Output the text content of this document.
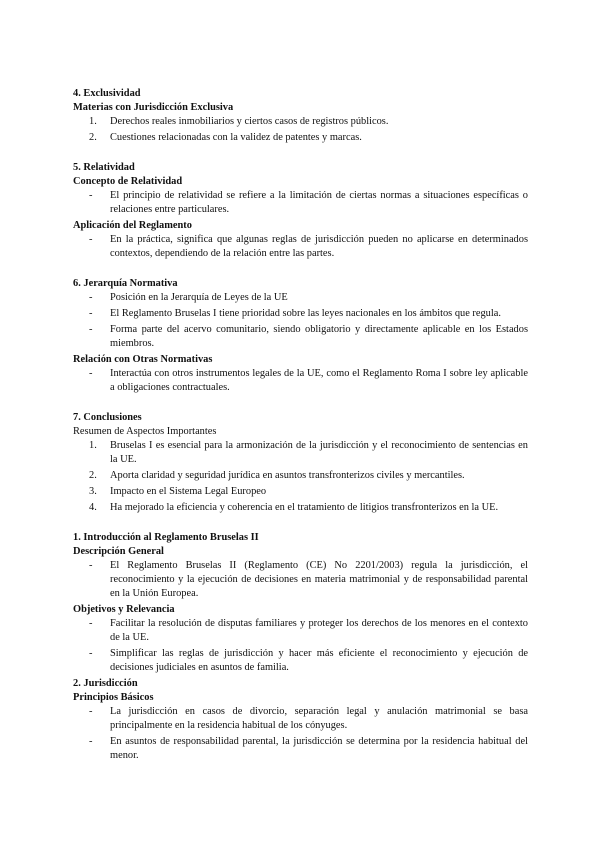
4. Exclusividad
Materias con Jurisdicción Exclusiva
1. Derechos reales inmobiliarios y ciertos casos de registros públicos.
2. Cuestiones relacionadas con la validez de patentes y marcas.
5. Relatividad
Concepto de Relatividad
- El principio de relatividad se refiere a la limitación de ciertas normas a situaciones específicas o relaciones entre particulares.
Aplicación del Reglamento
- En la práctica, significa que algunas reglas de jurisdicción pueden no aplicarse en determinados contextos, dependiendo de la relación entre las partes.
6. Jerarquía Normativa
- Posición en la Jerarquía de Leyes de la UE
- El Reglamento Bruselas I tiene prioridad sobre las leyes nacionales en los ámbitos que regula.
- Forma parte del acervo comunitario, siendo obligatorio y directamente aplicable en los Estados miembros.
Relación con Otras Normativas
- Interactúa con otros instrumentos legales de la UE, como el Reglamento Roma I sobre ley aplicable a obligaciones contractuales.
7. Conclusiones
Resumen de Aspectos Importantes
1. Bruselas I es esencial para la armonización de la jurisdicción y el reconocimiento de sentencias en la UE.
2. Aporta claridad y seguridad jurídica en asuntos transfronterizos civiles y mercantiles.
3. Impacto en el Sistema Legal Europeo
4. Ha mejorado la eficiencia y coherencia en el tratamiento de litigios transfronterizos en la UE.
1. Introducción al Reglamento Bruselas II
Descripción General
- El Reglamento Bruselas II (Reglamento (CE) No 2201/2003) regula la jurisdicción, el reconocimiento y la ejecución de decisiones en materia matrimonial y de responsabilidad parental en la Unión Europea.
Objetivos y Relevancia
- Facilitar la resolución de disputas familiares y proteger los derechos de los menores en el contexto de la UE.
- Simplificar las reglas de jurisdicción y hacer más eficiente el reconocimiento y ejecución de decisiones judiciales en asuntos de familia.
2. Jurisdicción
Principios Básicos
- La jurisdicción en casos de divorcio, separación legal y anulación matrimonial se basa principalmente en la residencia habitual de los cónyuges.
- En asuntos de responsabilidad parental, la jurisdicción se determina por la residencia habitual del menor.
